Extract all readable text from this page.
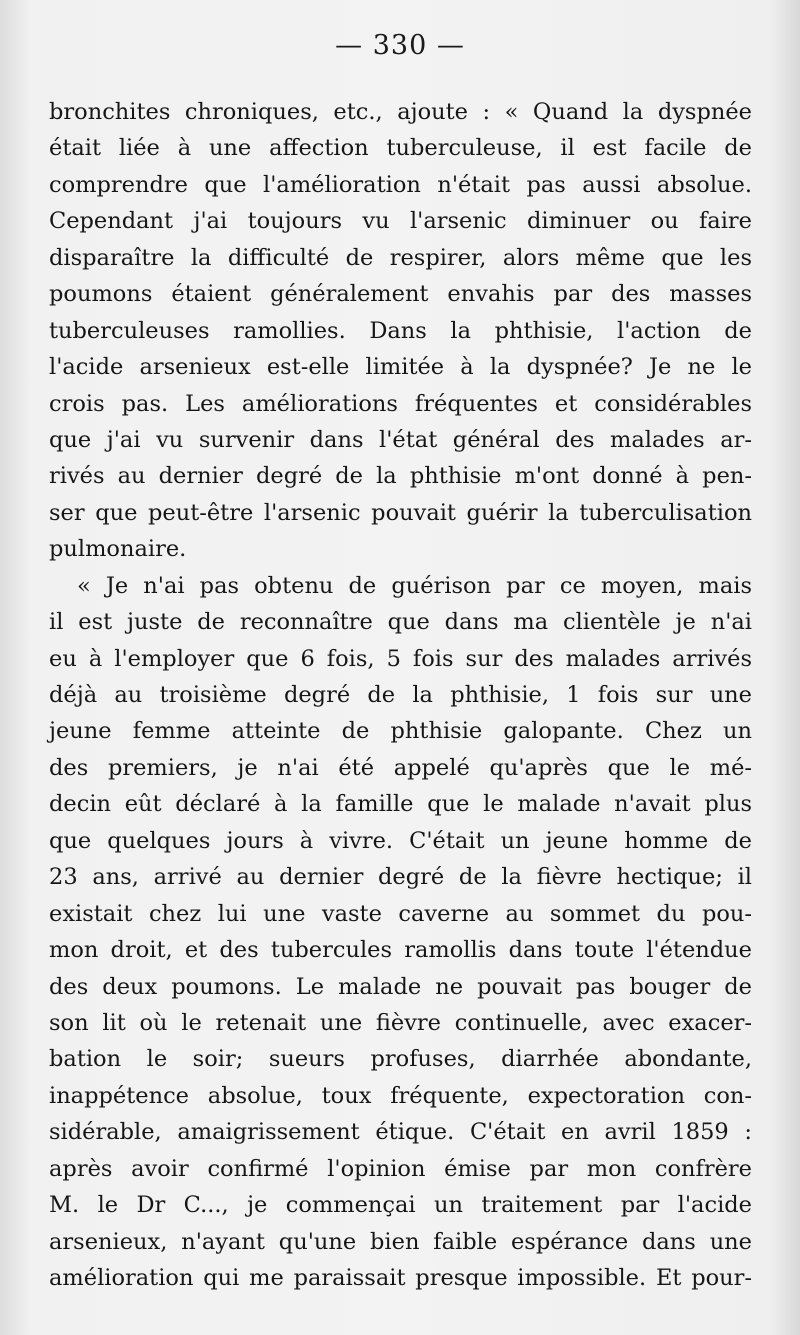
— 330 —
bronchites chroniques, etc., ajoute : « Quand la dyspnée
était liée à une affection tuberculeuse, il est facile de
comprendre que l'amélioration n'était pas aussi absolue.
Cependant j'ai toujours vu l'arsenic diminuer ou faire
disparaître la difficulté de respirer, alors même que les
poumons étaient généralement envahis par des masses
tuberculeuses ramollies. Dans la phthisie, l'action de
l'acide arsenieux est-elle limitée à la dyspnée? Je ne le
crois pas. Les améliorations fréquentes et considérables
que j'ai vu survenir dans l'état général des malades ar-
rivés au dernier degré de la phthisie m'ont donné à pen-
ser que peut-être l'arsenic pouvait guérir la tuberculisation
pulmonaire.
« Je n'ai pas obtenu de guérison par ce moyen, mais
il est juste de reconnaître que dans ma clientèle je n'ai
eu à l'employer que 6 fois, 5 fois sur des malades arrivés
déjà au troisième degré de la phthisie, 1 fois sur une
jeune femme atteinte de phthisie galopante. Chez un
des premiers, je n'ai été appelé qu'après que le mé-
decin eût déclaré à la famille que le malade n'avait plus
que quelques jours à vivre. C'était un jeune homme de
23 ans, arrivé au dernier degré de la fièvre hectique; il
existait chez lui une vaste caverne au sommet du pou-
mon droit, et des tubercules ramollis dans toute l'étendue
des deux poumons. Le malade ne pouvait pas bouger de
son lit où le retenait une fièvre continuelle, avec exacer-
bation le soir; sueurs profuses, diarrhée abondante,
inappétence absolue, toux fréquente, expectoration con-
sidérable, amaigrissement étique. C'était en avril 1859 :
après avoir confirmé l'opinion émise par mon confrère
M. le Dr C..., je commençai un traitement par l'acide
arsenieux, n'ayant qu'une bien faible espérance dans une
amélioration qui me paraissait presque impossible. Et pour-
